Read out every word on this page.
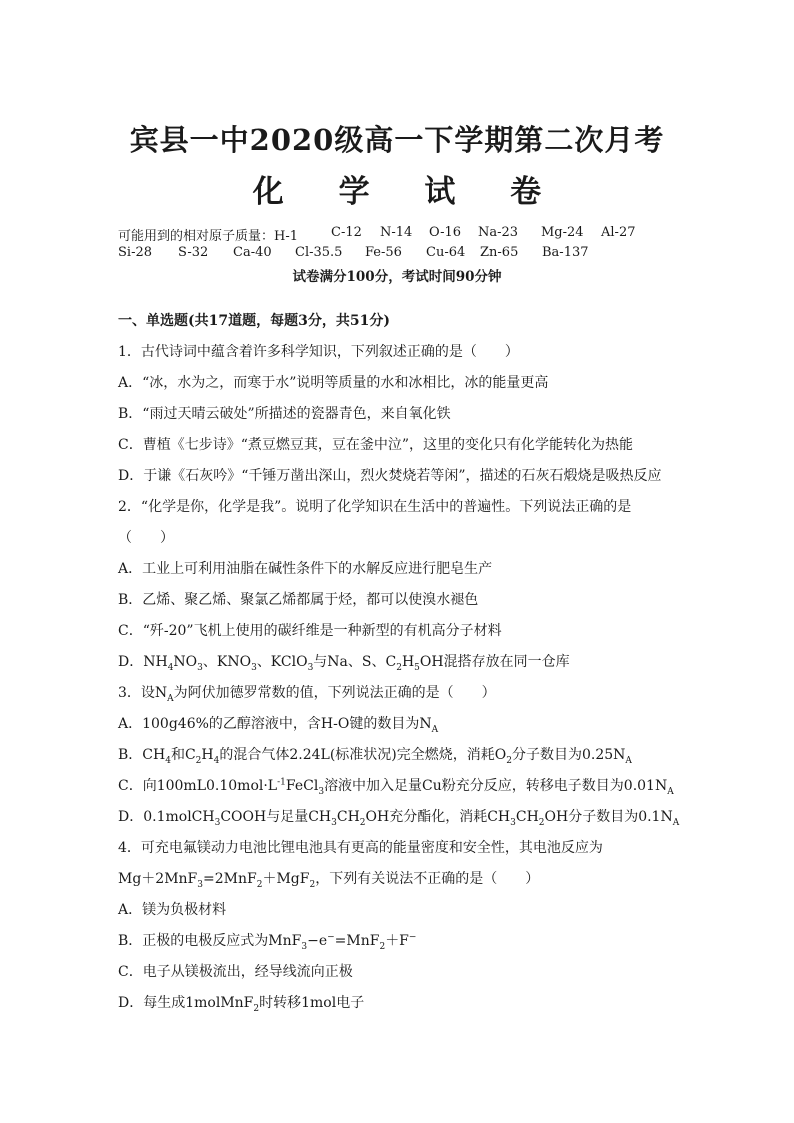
宾县一中2020级高一下学期第二次月考
化 学 试 卷
可能用到的相对原子质量：H-1	C-12 N-14 O-16 Na-23 Mg-24 Al-27
Si-28 S-32 Ca-40 Cl-35.5 Fe-56 Cu-64 Zn-65 Ba-137
试卷满分100分，考试时间90分钟
一、单选题(共17道题，每题3分，共51分)
1．古代诗词中蕴含着许多科学知识，下列叙述正确的是（　　）
A．“冰，水为之，而寒于水”说明等质量的水和冰相比，冰的能量更高
B．“雨过天晴云破处”所描述的瓷器青色，来自氧化铁
C．曹植《七步诗》“煮豆燃豆萁，豆在釜中泣”，这里的变化只有化学能转化为热能
D．于谦《石灰吟》“千锤万凿出深山，烈火焚烧若等闲”，描述的石灰石煅烧是吸热反应
2．“化学是你，化学是我”。说明了化学知识在生活中的普遍性。下列说法正确的是
（　　）
A．工业上可利用油脂在碱性条件下的水解反应进行肥皂生产
B．乙烯、聚乙烯、聚氯乙烯都属于烃，都可以使溴水褪色
C．“歼-20”飞机上使用的碳纤维是一种新型的有机高分子材料
D．$NH_4NO_3$、$KNO_3$、KClO$_3$与Na、S、$C_2H_5OH$混搭存放在同一仓库
3．设$N_A$为阿伏加德罗常数的值，下列说法正确的是（　　）
A．100g46%的乙醇溶液中，含H-O键的数目为$N_A$
B．$CH_4$和$C_2H_4$的混合气体2.24L(标准状况)完全燃烧，消耗$O_2$分子数目为$0.25N_A$
C．向$100mL0.10mol\cdot L^{-1}FeCl_3$溶液中加入足量Cu粉充分反应，转移电子数目为$0.01N_A$
D．0.1molCH$_3$COOH与足量$CH_3CH_2OH$充分酯化，消耗$CH_3CH_2OH$分子数目为$0.1N_A$
4．可充电氟镁动力电池比锂电池具有更高的能量密度和安全性，其电池反应为
Mg＋2MnF$_3$=2MnF$_2$＋MgF$_2$，下列有关说法不正确的是（　　）
A．镁为负极材料
B．正极的电极反应式为MnF$_3$−e−=MnF$_2$＋F−
C．电子从镁极流出，经导线流向正极
D．每生成1molMnF$_2$时转移1mol电子
